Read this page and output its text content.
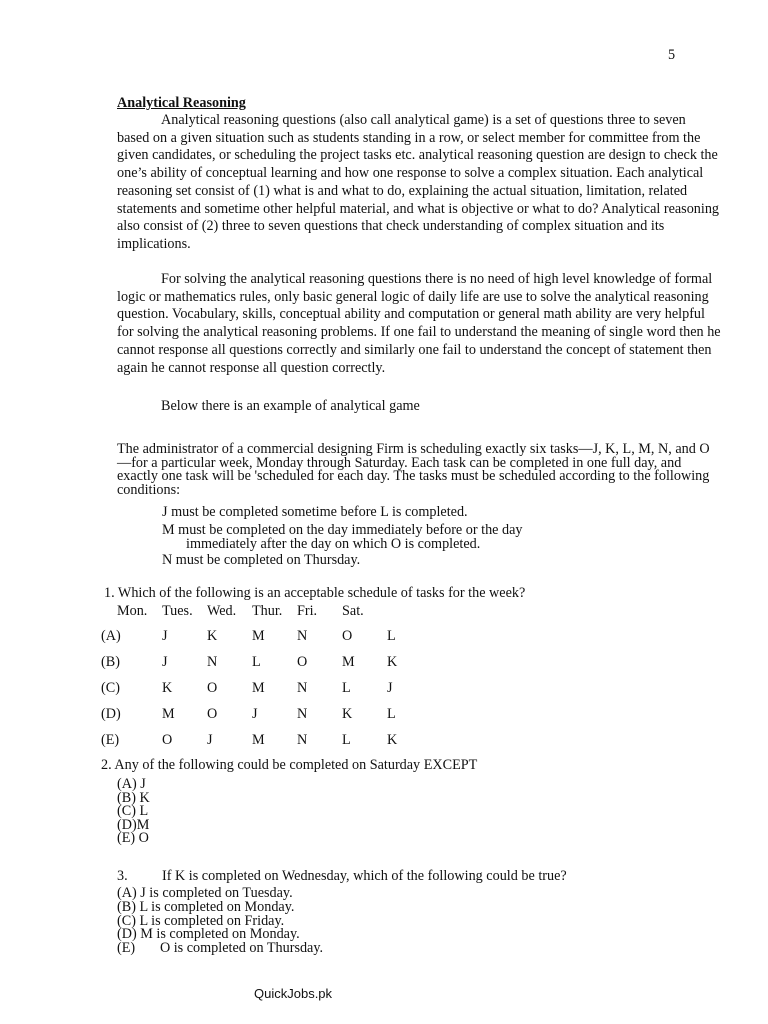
5
Analytical Reasoning

Analytical reasoning questions (also call analytical game) is a set of questions three to seven based on a given situation such as students standing in a row, or select member for committee from the given candidates, or scheduling the project tasks etc. analytical reasoning question are design to check the one’s ability of conceptual learning and how one response to solve a complex situation. Each analytical reasoning set consist of (1) what is and what to do, explaining the actual situation, limitation, related statements and sometime other helpful material, and what is objective or what to do? Analytical reasoning also consist of (2) three to seven questions that check understanding of complex situation and its implications.

For solving the analytical reasoning questions there is no need of high level knowledge of formal logic or mathematics rules, only basic general logic of daily life are use to solve the analytical reasoning question. Vocabulary, skills, conceptual ability and computation or general math ability are very helpful for solving the analytical reasoning problems. If one fail to understand the meaning of single word then he cannot response all questions correctly and similarly one fail to understand the concept of statement then again he cannot response all question correctly.

Below there is an example of analytical game
The administrator of a commercial designing Firm is scheduling exactly six tasks—J, K, L, M, N, and O—for a particular week, Monday through Saturday. Each task can be completed in one full day, and exactly one task will be 'scheduled for each day. The tasks must be scheduled according to the following conditions:
J must be completed sometime before L is completed.
M must be completed on the day immediately before or the day
immediately after the day on which O is completed.
N must be completed on Thursday.
1. Which of the following is an acceptable schedule of tasks for the week?
Mon. Tues. Wed. Thur. Fri. Sat.
(A)	J	K M N O L
(B)	J	N L	O M K
(C)	K O M N L	J
(D)	M O J	N K L
(E)	O J	M N L	K
2. Any of the following could be completed on Saturday EXCEPT
(A) J
(B) K
(C) L
(D)M
(E) O
3. If K is completed on Wednesday, which of the following could be true?
(A) J is completed on Tuesday.
(B) L is completed on Monday.
(C) L is completed on Friday.
(D) M is completed on Monday.
(E)       O is completed on Thursday.
QuickJobs.pk
